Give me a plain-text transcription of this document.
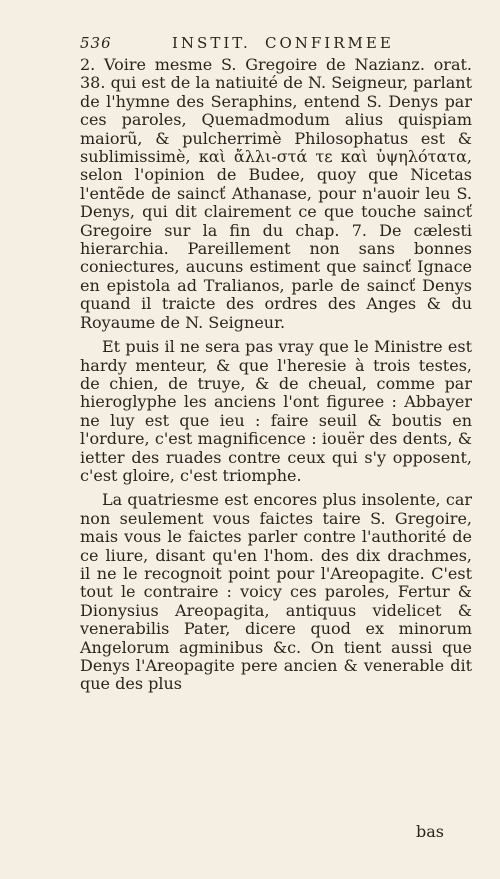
536	INSTIT. CONFIRMEE

2. Voire mesme S. Gregoire de Nazianz. orat. 38. qui est de la natiuité de N. Seigneur, parlant de l'hymne des Seraphins, entend S. Denys par ces paroles, Quemadmodum alius quispiam maiorũ, & pulcherrimè Philosophatus est & sublimissimè, καὶ ἄλλι-στά τε καὶ ὑψηλότατα, selon l'opinion de Budee, quoy que Nicetas l'entẽde de saincť Athanase, pour n'auoir leu S. Denys, qui dit clairement ce que touche saincť Gregoire sur la fin du chap. 7. De cælesti hierarchia. Pareillement non sans bonnes coniectures, aucuns estiment que saincť Ignace en epistola ad Tralianos, parle de saincť Denys quand il traicte des ordres des Anges & du Royaume de N. Seigneur.

Et puis il ne sera pas vray que le Ministre est hardy menteur, & que l'heresie à trois testes, de chien, de truye, & de cheual, comme par hieroglyphe les anciens l'ont figuree : Abbayer ne luy est que ieu : faire seuil & boutis en l'ordure, c'est magnificence : iouër des dents, & ietter des ruades contre ceux qui s'y opposent, c'est gloire, c'est triomphe.

La quatriesme est encores plus insolente, car non seulement vous faictes taire S. Gregoire, mais vous le faictes parler contre l'authorité de ce liure, disant qu'en l'hom. des dix drachmes, il ne le recognoit point pour l'Areopagite. C'est tout le contraire : voicy ces paroles, Fertur & Dionysius Areopagita, antiquus videlicet & venerabilis Pater, dicere quod ex minorum Angelorum agminibus &c. On tient aussi que Denys l'Areopagite pere ancien & venerable dit que des plus

bas
